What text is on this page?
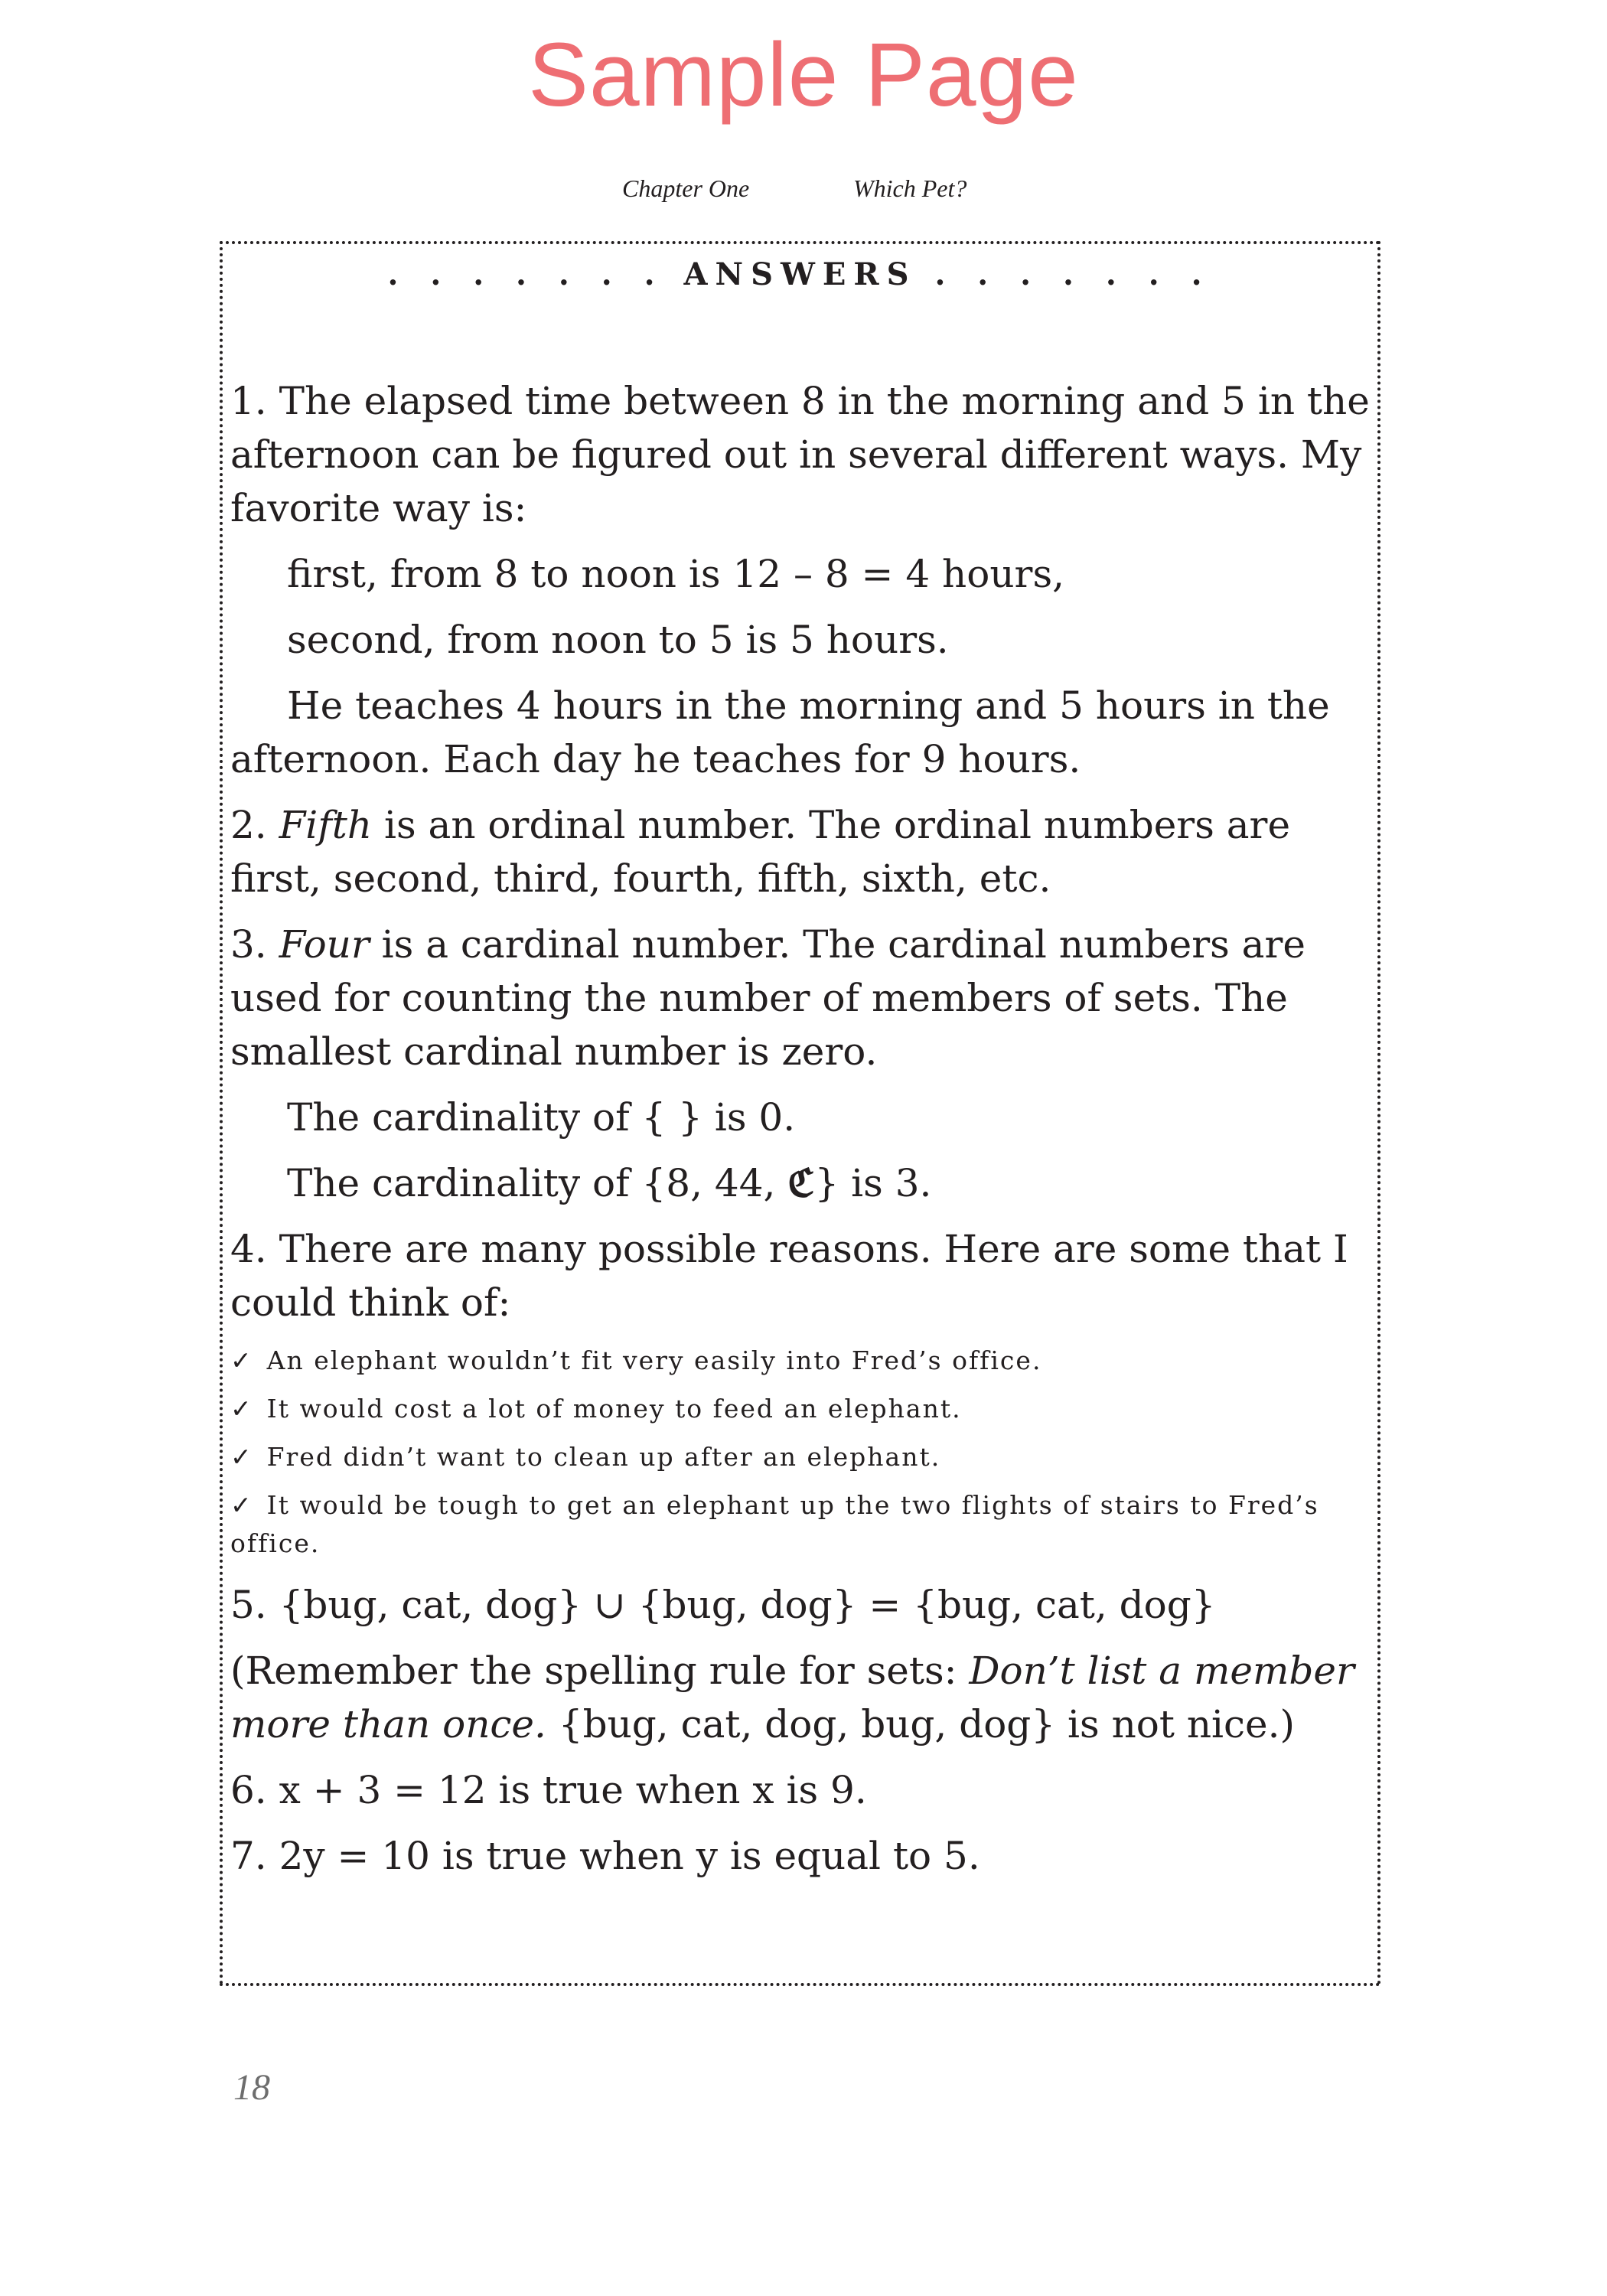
Sample Page
Chapter One	Which Pet?
. . . . . . . ANSWERS . . . . . . .

1. The elapsed time between 8 in the morning and 5 in the afternoon can be figured out in several different ways. My favorite way is:

first, from 8 to noon is 12 – 8 = 4 hours,

second, from noon to 5 is 5 hours.

He teaches 4 hours in the morning and 5 hours in the afternoon. Each day he teaches for 9 hours.

2. Fifth is an ordinal number. The ordinal numbers are first, second, third, fourth, fifth, sixth, etc.

3. Four is a cardinal number. The cardinal numbers are used for counting the number of members of sets. The smallest cardinal number is zero.

The cardinality of { } is 0.

The cardinality of {8, 44, ℭ} is 3.

4. There are many possible reasons. Here are some that I could think of:

✓ An elephant wouldn’t fit very easily into Fred’s office.
✓ It would cost a lot of money to feed an elephant.
✓ Fred didn’t want to clean up after an elephant.
✓ It would be tough to get an elephant up the two flights of stairs to Fred’s office.

5. {bug, cat, dog} ∪ {bug, dog} = {bug, cat, dog}

(Remember the spelling rule for sets: Don’t list a member more than once. {bug, cat, dog, bug, dog} is not nice.)

6. x + 3 = 12 is true when x is 9.

7. 2y = 10 is true when y is equal to 5.

18
